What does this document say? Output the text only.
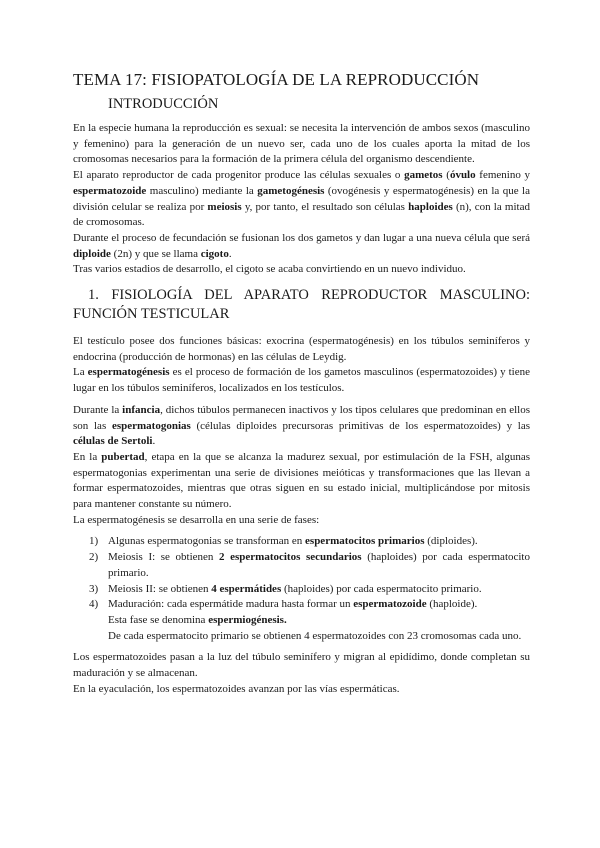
TEMA 17: FISIOPATOLOGÍA DE LA REPRODUCCIÓN
INTRODUCCIÓN

En la especie humana la reproducción es sexual: se necesita la intervención de ambos sexos (masculino y femenino) para la generación de un nuevo ser, cada uno de los cuales aporta la mitad de los cromosomas necesarios para la formación de la primera célula del organismo descendiente.

El aparato reproductor de cada progenitor produce las células sexuales o gametos (óvulo femenino y espermatozoide masculino) mediante la gametogénesis (ovogénesis y espermatogénesis) en la que la división celular se realiza por meiosis y, por tanto, el resultado son células haploides (n), con la mitad de cromosomas.

Durante el proceso de fecundación se fusionan los dos gametos y dan lugar a una nueva célula que será diploide (2n) y que se llama cigoto.

Tras varios estadios de desarrollo, el cigoto se acaba convirtiendo en un nuevo individuo.

1. FISIOLOGÍA DEL APARATO REPRODUCTOR MASCULINO: FUNCIÓN TESTICULAR

El testículo posee dos funciones básicas: exocrina (espermatogénesis) en los túbulos seminíferos y endocrina (producción de hormonas) en las células de Leydig.

La espermatogénesis es el proceso de formación de los gametos masculinos (espermatozoides) y tiene lugar en los túbulos seminíferos, localizados en los testículos.

Durante la infancia, dichos túbulos permanecen inactivos y los tipos celulares que predominan en ellos son las espermatogonias (células diploides precursoras primitivas de los espermatozoides) y las células de Sertoli.

En la pubertad, etapa en la que se alcanza la madurez sexual, por estimulación de la FSH, algunas espermatogonias experimentan una serie de divisiones meióticas y transformaciones que las llevan a formar espermatozoides, mientras que otras siguen en su estado inicial, multiplicándose por mitosis para mantener constante su número.

La espermatogénesis se desarrolla en una serie de fases:

1) Algunas espermatogonias se transforman en espermatocitos primarios (diploides).
2) Meiosis I: se obtienen 2 espermatocitos secundarios (haploides) por cada espermatocito primario.
3) Meiosis II: se obtienen 4 espermátides (haploides) por cada espermatocito primario.
4) Maduración: cada espermátide madura hasta formar un espermatozoide (haploide).
Esta fase se denomina espermiogénesis.
De cada espermatocito primario se obtienen 4 espermatozoides con 23 cromosomas cada uno.

Los espermatozoides pasan a la luz del túbulo seminífero y migran al epidídimo, donde completan su maduración y se almacenan.

En la eyaculación, los espermatozoides avanzan por las vías espermáticas.
